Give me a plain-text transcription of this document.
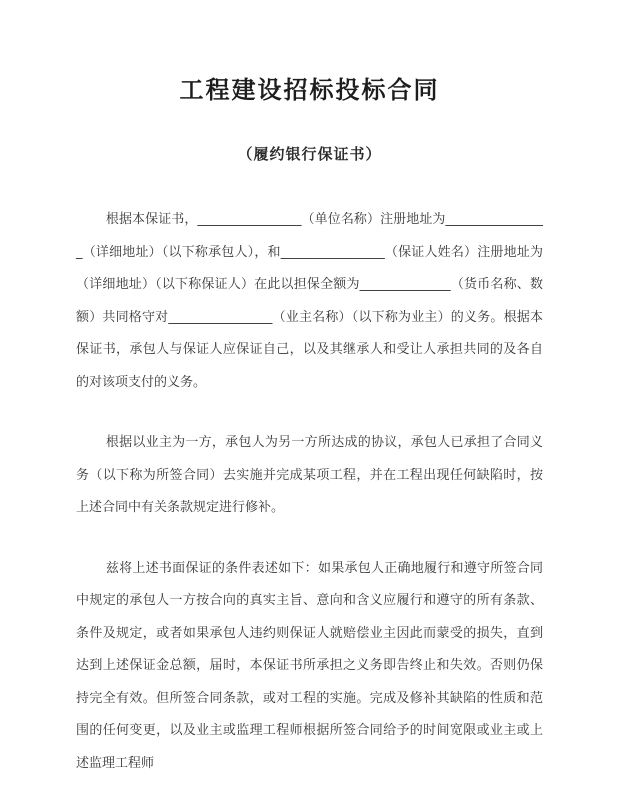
工程建设招标投标合同
（履约银行保证书）

根据本保证书，________________（单位名称）注册地址为________________（详细地址）（以下称承包人），和________________（保证人姓名）注册地址为（详细地址）（以下称保证人）在此以担保全额为______________（货币名称、数额）共同格守对________________（业主名称）（以下称为业主）的义务。根据本保证书，承包人与保证人应保证自己，以及其继承人和受让人承担共同的及各自的对该项支付的义务。

根据以业主为一方，承包人为另一方所达成的协议，承包人已承担了合同义务（以下称为所签合同）去实施并完成某项工程，并在工程出现任何缺陷时，按上述合同中有关条款规定进行修补。

兹将上述书面保证的条件表述如下：如果承包人正确地履行和遵守所签合同中规定的承包人一方按合向的真实主旨、意向和含义应履行和遵守的所有条款、条件及规定，或者如果承包人违约则保证人就赔偿业主因此而蒙受的损失，直到达到上述保证金总额，届时，本保证书所承担之义务即告终止和失效。否则仍保持完全有效。但所签合同条款，或对工程的实施。完成及修补其缺陷的性质和范围的任何变更，以及业主或监理工程师根据所签合同给予的时间宽限或业主或上述监理工程师
